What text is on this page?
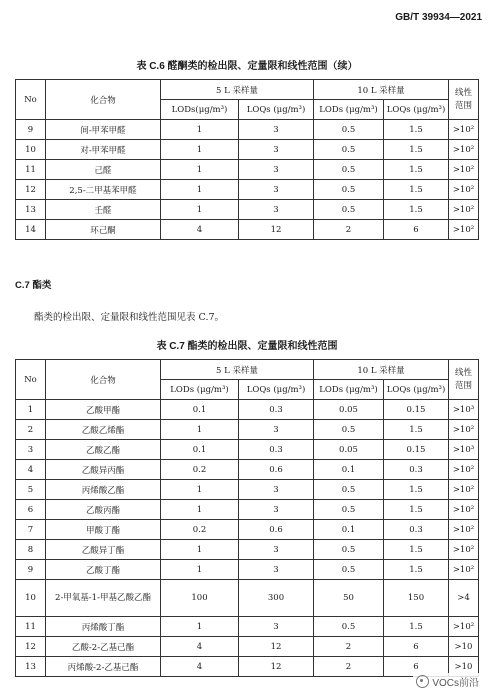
GB/T 39934—2021
表 C.6 醛酮类的检出限、定量限和线性范围（续）
No	化合物	5 L 采样量		10 L 采样量		线性范围
		LODs(μg/m³)	LOQs (μg/m³)	LODs (μg/m³)	LOQs (μg/m³)	
9	间-甲苯甲醛	1	3	0.5	1.5	>10²
10	对-甲苯甲醛	1	3	0.5	1.5	>10²
11	己醛	1	3	0.5	1.5	>10²
12	2,5-二甲基苯甲醛	1	3	0.5	1.5	>10²
13	壬醛	1	3	0.5	1.5	>10²
14	环己酮	4	12	2	6	>10²
C.7 酯类
酯类的检出限、定量限和线性范围见表 C.7。
表 C.7 酯类的检出限、定量限和线性范围
No	化合物	5 L 采样量		10 L 采样量		线性范围
		LODs (μg/m³)	LOQs (μg/m³)	LODs (μg/m³)	LOQs (μg/m³)	
1	乙酸甲酯	0.1	0.3	0.05	0.15	>10³
2	乙酸乙烯酯	1	3	0.5	1.5	>10²
3	乙酸乙酯	0.1	0.3	0.05	0.15	>10³
4	乙酸异丙酯	0.2	0.6	0.1	0.3	>10²
5	丙烯酸乙酯	1	3	0.5	1.5	>10²
6	乙酸丙酯	1	3	0.5	1.5	>10²
7	甲酸丁酯	0.2	0.6	0.1	0.3	>10²
8	乙酸异丁酯	1	3	0.5	1.5	>10²
9	乙酸丁酯	1	3	0.5	1.5	>10²
10	2-甲氧基-1-甲基乙酸乙酯	100	300	50	150	>4
11	丙烯酸丁酯	1	3	0.5	1.5	>10²
12	乙酸-2-乙基己酯	4	12	2	6	>10
13	丙烯酸-2-乙基己酯	4	12	2	6	>10
VOCs前沿
